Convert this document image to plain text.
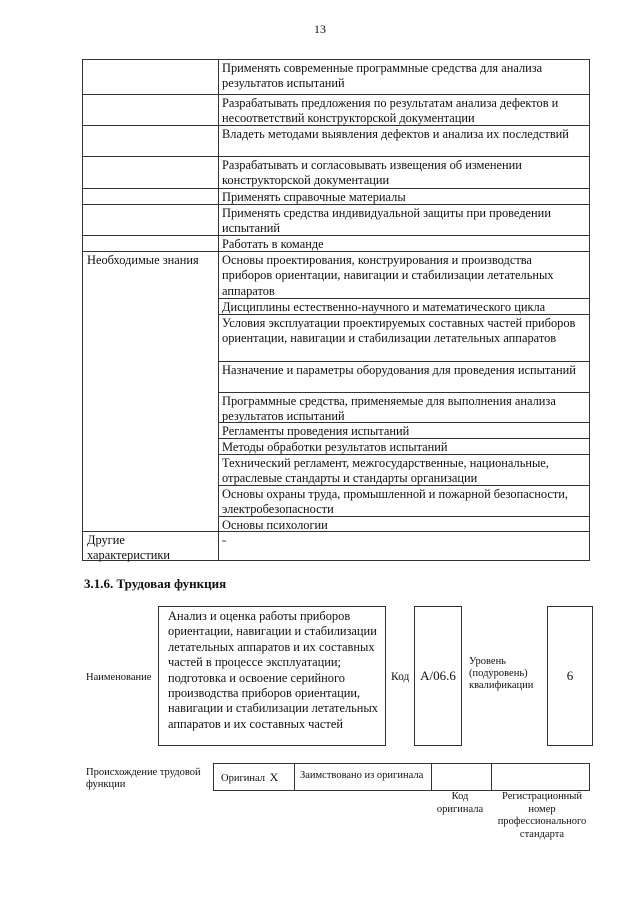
13
Применять современные программные средства для анализа результатов испытаний
Разрабатывать предложения по результатам анализа дефектов и несоответствий конструкторской документации
Владеть методами выявления дефектов и анализа их последствий
Разрабатывать и согласовывать извещения об изменении конструкторской документации
Применять справочные материалы
Применять средства индивидуальной защиты при проведении испытаний
Работать в команде
Необходимые знания	Основы проектирования, конструирования и производства приборов ориентации, навигации и стабилизации летательных аппаратов
Дисциплины естественно-научного и математического цикла
Условия эксплуатации проектируемых составных частей приборов ориентации, навигации и стабилизации летательных аппаратов
Назначение и параметры оборудования для проведения испытаний
Программные средства, применяемые для выполнения анализа результатов испытаний
Регламенты проведения испытаний
Методы обработки результатов испытаний
Технический регламент, межгосударственные, национальные, отраслевые стандарты и стандарты организации
Основы охраны труда, промышленной и пожарной безопасности, электробезопасности
Основы психологии
Другие характеристики
-
3.1.6. Трудовая функция
Наименование
Анализ и оценка работы приборов ориентации, навигации и стабилизации летательных аппаратов и их составных частей в процессе эксплуатации; подготовка и освоение серийного производства приборов ориентации, навигации и стабилизации летательных аппаратов и их составных частей
Код А/06.6
Уровень (подуровень) квалификации
6
Происхождение трудовой функции
Оригинал X Заимствовано из оригинала
Код оригинала
Регистрационный номер профессионального стандарта
